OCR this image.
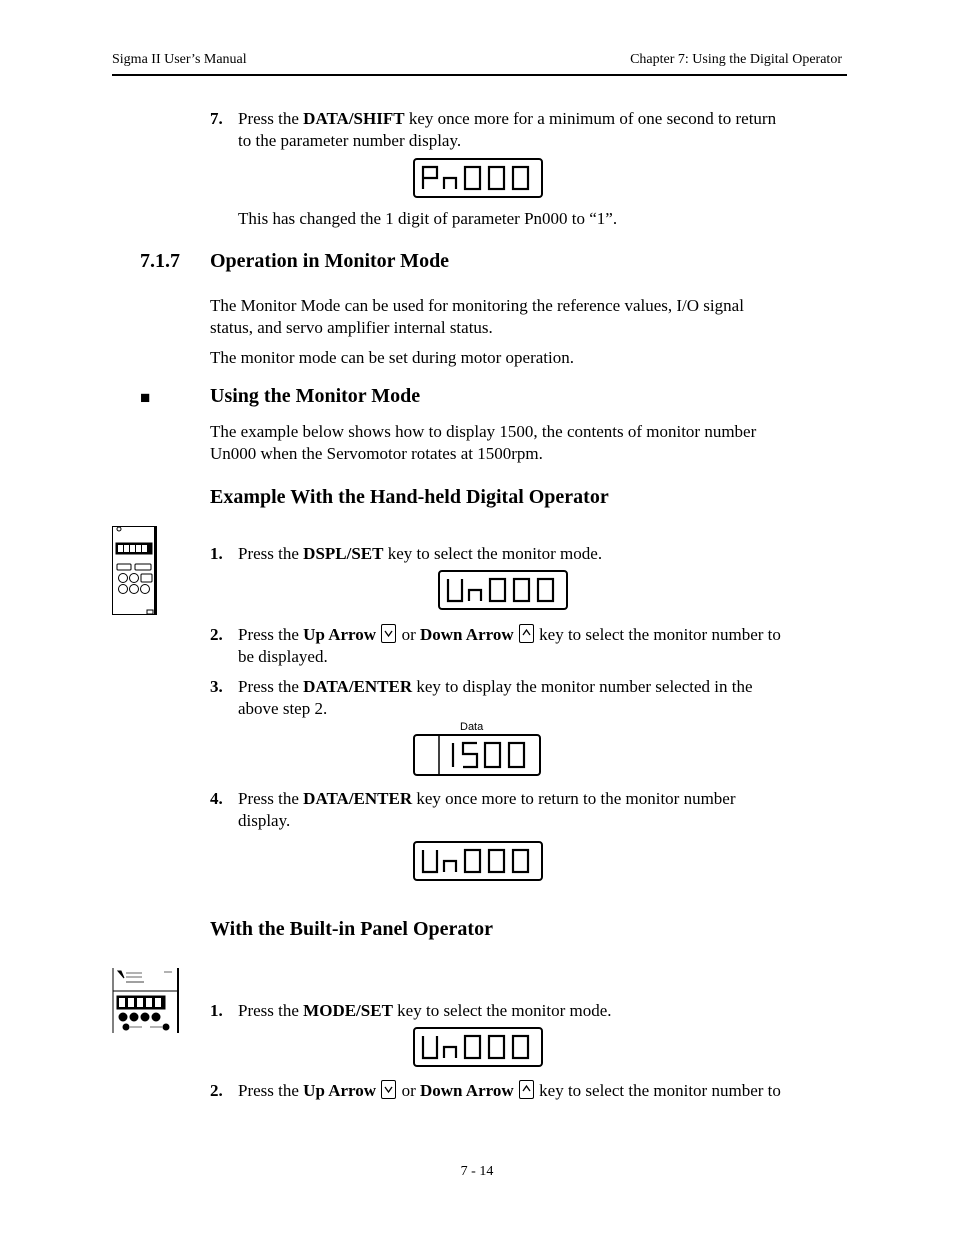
Sigma II User’s Manual	Chapter 7: Using the Digital Operator
7. Press the DATA/SHIFT key once more for a minimum of one second to return
to the parameter number display.
This has changed the 1 digit of parameter Pn000 to “1”.
7.1.7 Operation in Monitor Mode
The Monitor Mode can be used for monitoring the reference values, I/O signal
status, and servo amplifier internal status.
The monitor mode can be set during motor operation.
■	Using the Monitor Mode
The example below shows how to display 1500, the contents of monitor number
Un000 when the Servomotor rotates at 1500rpm.
Example With the Hand-held Digital Operator
1. Press the DSPL/SET key to select the monitor mode.
2. Press the Up Arrow
or Down Arrow
key to select the monitor number to
be displayed.
3. Press the DATA/ENTER key to display the monitor number selected in the
above step 2.
Data
4. Press the DATA/ENTER key once more to return to the monitor number
display.
With the Built-in Panel Operator
1. Press the MODE/SET key to select the monitor mode.
2. Press the Up Arrow
or Down Arrow
key to select the monitor number to
7 - 14
